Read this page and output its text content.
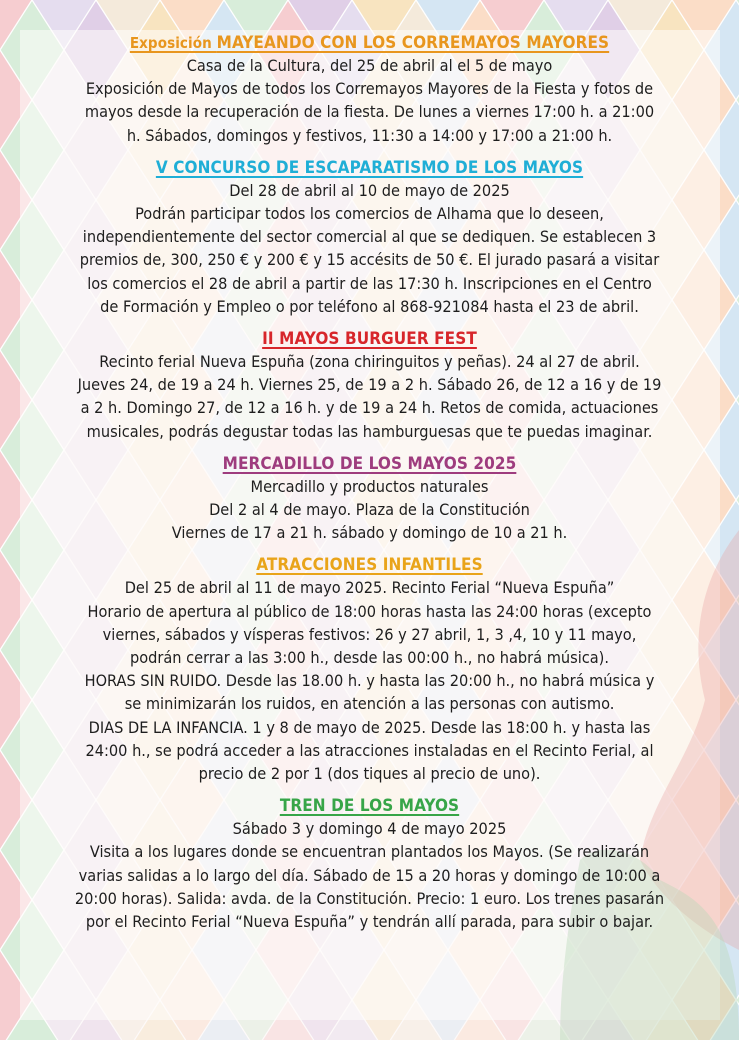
Exposición MAYEANDO CON LOS CORREMAYOS MAYORES
Casa de la Cultura, del 25 de abril al el 5 de mayo
Exposición de Mayos de todos los Corremayos Mayores de la Fiesta y fotos de
mayos desde la recuperación de la fiesta. De lunes a viernes 17:00 h. a 21:00
h. Sábados, domingos y festivos, 11:30 a 14:00 y 17:00 a 21:00 h.
V CONCURSO DE ESCAPARATISMO DE LOS MAYOS
Del 28 de abril al 10 de mayo de 2025
Podrán participar todos los comercios de Alhama que lo deseen,
independientemente del sector comercial al que se dediquen. Se establecen 3
premios de, 300, 250 € y 200 € y 15 accésits de 50 €. El jurado pasará a visitar
los comercios el 28 de abril a partir de las 17:30 h. Inscripciones en el Centro
de Formación y Empleo o por teléfono al 868-921084 hasta el 23 de abril.
II MAYOS BURGUER FEST
Recinto ferial Nueva Espuña (zona chiringuitos y peñas). 24 al 27 de abril.
Jueves 24, de 19 a 24 h. Viernes 25, de 19 a 2 h. Sábado 26, de 12 a 16 y de 19
a 2 h. Domingo 27, de 12 a 16 h. y de 19 a 24 h. Retos de comida, actuaciones
musicales, podrás degustar todas las hamburguesas que te puedas imaginar.
MERCADILLO DE LOS MAYOS 2025
Mercadillo y productos naturales
Del 2 al 4 de mayo. Plaza de la Constitución
Viernes de 17 a 21 h. sábado y domingo de 10 a 21 h.
ATRACCIONES INFANTILES
Del 25 de abril al 11 de mayo 2025. Recinto Ferial “Nueva Espuña”
Horario de apertura al público de 18:00 horas hasta las 24:00 horas (excepto
viernes, sábados y vísperas festivos: 26 y 27 abril, 1, 3 ,4, 10 y 11 mayo,
podrán cerrar a las 3:00 h., desde las 00:00 h., no habrá música).
HORAS SIN RUIDO. Desde las 18.00 h. y hasta las 20:00 h., no habrá música y
se minimizarán los ruidos, en atención a las personas con autismo.
DIAS DE LA INFANCIA. 1 y 8 de mayo de 2025. Desde las 18:00 h. y hasta las
24:00 h., se podrá acceder a las atracciones instaladas en el Recinto Ferial, al
precio de 2 por 1 (dos tiques al precio de uno).
TREN DE LOS MAYOS
Sábado 3 y domingo 4 de mayo 2025
Visita a los lugares donde se encuentran plantados los Mayos. (Se realizarán
varias salidas a lo largo del día. Sábado de 15 a 20 horas y domingo de 10:00 a
20:00 horas). Salida: avda. de la Constitución. Precio: 1 euro. Los trenes pasarán
por el Recinto Ferial “Nueva Espuña” y tendrán allí parada, para subir o bajar.
